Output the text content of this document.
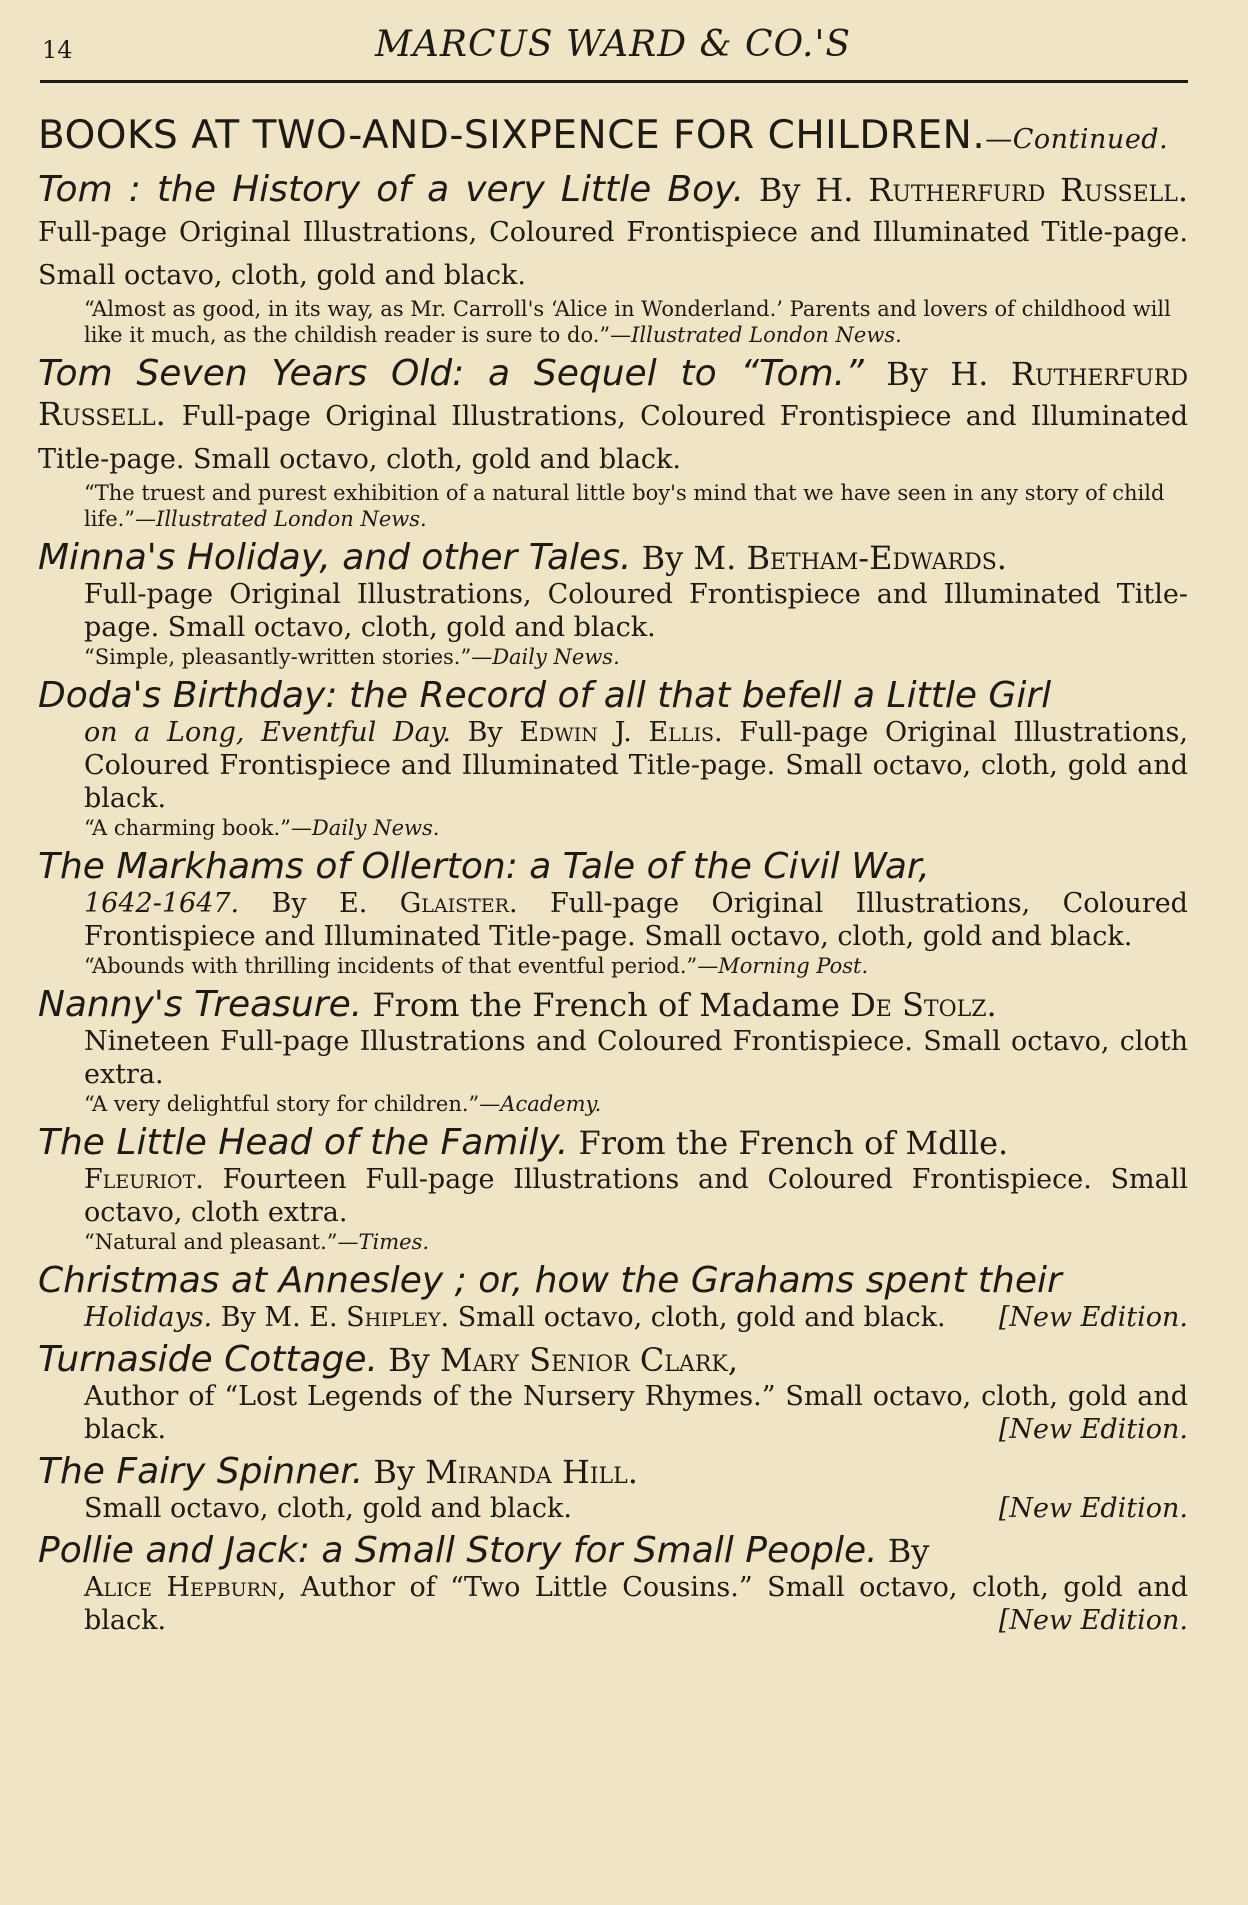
14	MARCUS WARD & CO.'S
BOOKS AT TWO-AND-SIXPENCE FOR CHILDREN.—Continued.
Tom : the History of a very Little Boy. By H. Rutherfurd Russell. Full-page Original Illustrations, Coloured Frontispiece and Illuminated Title-page. Small octavo, cloth, gold and black.
“Almost as good, in its way, as Mr. Carroll's ‘Alice in Wonderland.’ Parents and lovers of childhood will like it much, as the childish reader is sure to do.”—Illustrated London News.
Tom Seven Years Old: a Sequel to “Tom.” By H. Rutherfurd Russell. Full-page Original Illustrations, Coloured Frontispiece and Illuminated Title-page. Small octavo, cloth, gold and black.
“The truest and purest exhibition of a natural little boy's mind that we have seen in any story of child life.”—Illustrated London News.
Minna's Holiday, and other Tales. By M. Betham-Edwards.
Full-page Original Illustrations, Coloured Frontispiece and Illuminated Title-page. Small octavo, cloth, gold and black.
“Simple, pleasantly-written stories.”—Daily News.
Doda's Birthday: the Record of all that befell a Little Girl
on a Long, Eventful Day. By Edwin J. Ellis. Full-page Original Illustrations, Coloured Frontispiece and Illuminated Title-page. Small octavo, cloth, gold and black.
“A charming book.”—Daily News.
The Markhams of Ollerton: a Tale of the Civil War,
1642-1647. By E. Glaister. Full-page Original Illustrations, Coloured Frontispiece and Illuminated Title-page. Small octavo, cloth, gold and black.
“Abounds with thrilling incidents of that eventful period.”—Morning Post.
Nanny's Treasure. From the French of Madame De Stolz.
Nineteen Full-page Illustrations and Coloured Frontispiece. Small octavo, cloth extra.
“A very delightful story for children.”—Academy.
The Little Head of the Family. From the French of Mdlle.
Fleuriot. Fourteen Full-page Illustrations and Coloured Frontispiece. Small octavo, cloth extra.
“Natural and pleasant.”—Times.
Christmas at Annesley ; or, how the Grahams spent their
Holidays. By M. E. Shipley. Small octavo, cloth, gold and black. [New Edition.
Turnaside Cottage. By Mary Senior Clark,
Author of “Lost Legends of the Nursery Rhymes.” Small octavo, cloth, gold and black.	[New Edition.
The Fairy Spinner. By Miranda Hill.
Small octavo, cloth, gold and black.	[New Edition.
Pollie and Jack: a Small Story for Small People. By
Alice Hepburn, Author of “Two Little Cousins.” Small octavo, cloth, gold and black.	[New Edition.
